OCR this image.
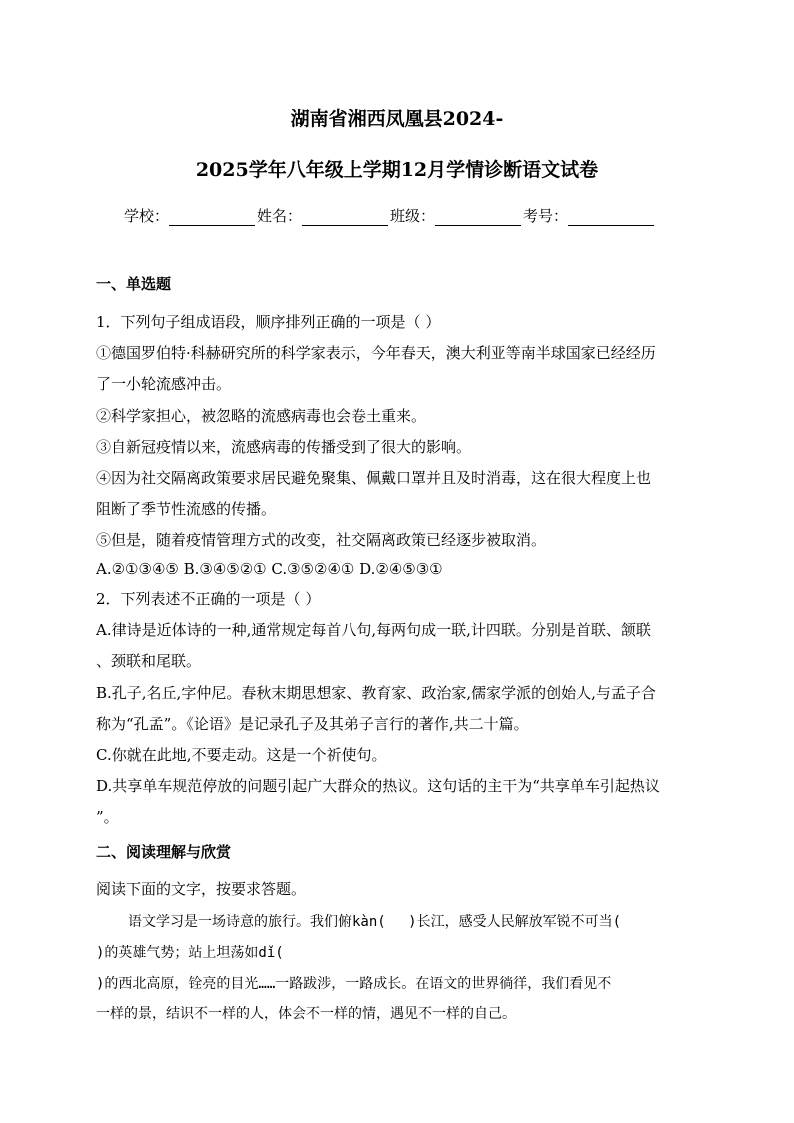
湖南省湘西凤凰县2024-
2025学年八年级上学期12月学情诊断语文试卷
学校：	姓名：	班级：	考号：
一、单选题
1．下列句子组成语段，顺序排列正确的一项是（ ）
①德国罗伯特·科赫研究所的科学家表示，今年春天，澳大利亚等南半球国家已经经历
了一小轮流感冲击。
②科学家担心，被忽略的流感病毒也会卷土重来。
③自新冠疫情以来，流感病毒的传播受到了很大的影响。
④因为社交隔离政策要求居民避免聚集、佩戴口罩并且及时消毒，这在很大程度上也
阻断了季节性流感的传播。
⑤但是，随着疫情管理方式的改变，社交隔离政策已经逐步被取消。
A.②①③④⑤ B.③④⑤②① C.③⑤②④① D.②④⑤③①
2．下列表述不正确的一项是（ ）
A.律诗是近体诗的一种,通常规定每首八句,每两句成一联,计四联。分别是首联、颔联
、颈联和尾联。
B.孔子,名丘,字仲尼。春秋末期思想家、教育家、政治家,儒家学派的创始人,与孟子合
称为“孔孟”。《论语》是记录孔子及其弟子言行的著作,共二十篇。
C.你就在此地,不要走动。这是一个祈使句。
D.共享单车规范停放的问题引起广大群众的热议。这句话的主干为“共享单车引起热议
”。
二、阅读理解与欣赏
阅读下面的文字，按要求答题。
语文学习是一场诗意的旅行。我们俯kàn(　 )长江，感受人民解放军锐不可当(
)的英雄气势；站上坦荡如dǐ(
)的西北高原，铨亮的目光……一路跋涉，一路成长。在语文的世界徜徉，我们看见不
一样的景，结识不一样的人，体会不一样的情，遇见不一样的自己。
